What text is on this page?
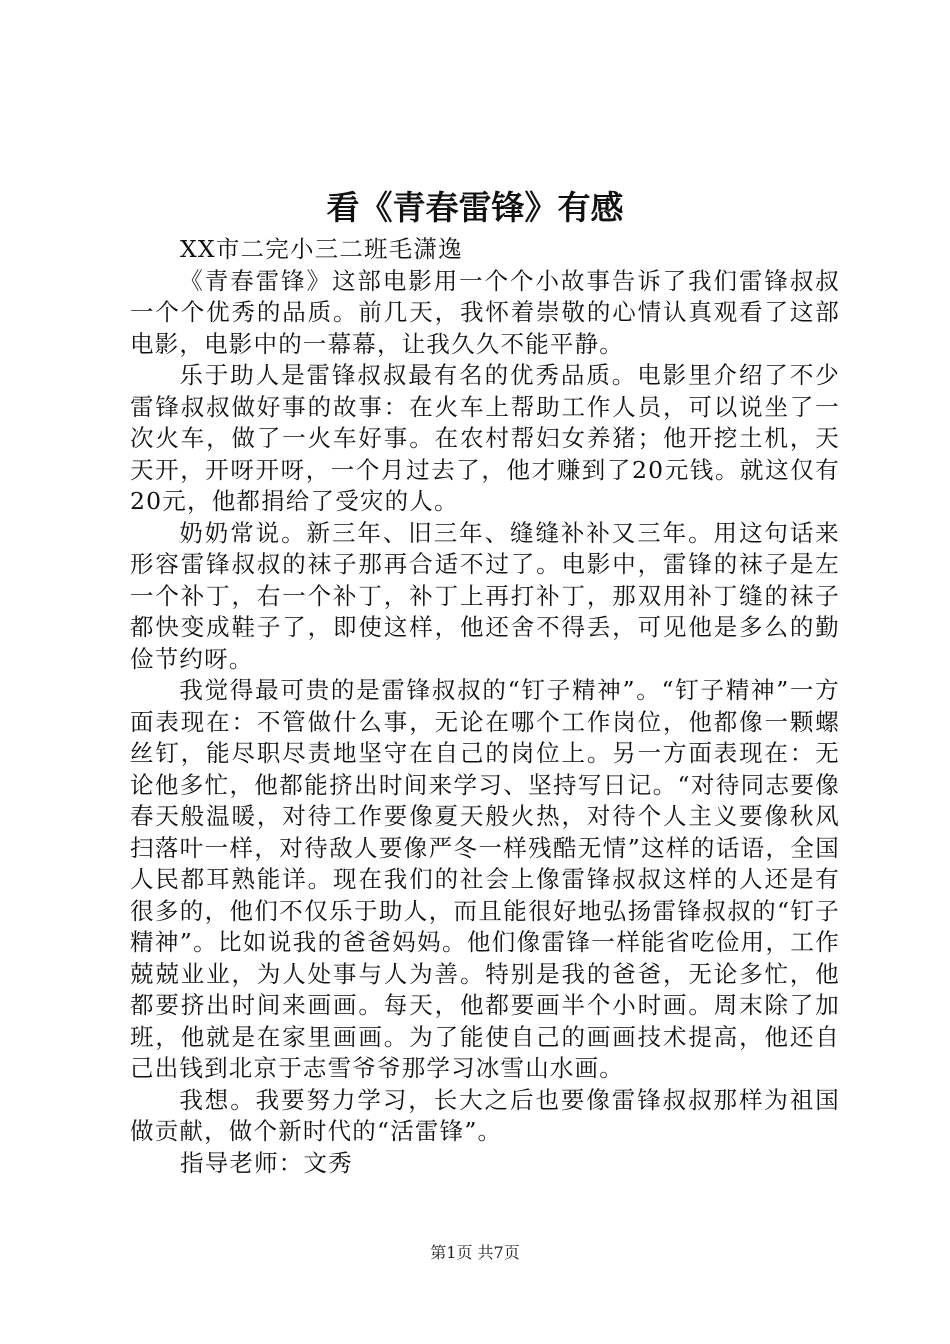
看《青春雷锋》有感

XX市二完小三二班毛潇逸

《青春雷锋》这部电影用一个个小故事告诉了我们雷锋叔叔一个个优秀的品质。前几天，我怀着崇敬的心情认真观看了这部电影，电影中的一幕幕，让我久久不能平静。

乐于助人是雷锋叔叔最有名的优秀品质。电影里介绍了不少雷锋叔叔做好事的故事：在火车上帮助工作人员，可以说坐了一次火车，做了一火车好事。在农村帮妇女养猪；他开挖土机，天天开，开呀开呀，一个月过去了，他才赚到了20元钱。就这仅有20元，他都捐给了受灾的人。

奶奶常说。新三年、旧三年、缝缝补补又三年。用这句话来形容雷锋叔叔的袜子那再合适不过了。电影中，雷锋的袜子是左一个补丁，右一个补丁，补丁上再打补丁，那双用补丁缝的袜子都快变成鞋子了，即使这样，他还舍不得丢，可见他是多么的勤俭节约呀。

我觉得最可贵的是雷锋叔叔的“钉子精神”。“钉子精神”一方面表现在：不管做什么事，无论在哪个工作岗位，他都像一颗螺丝钉，能尽职尽责地坚守在自己的岗位上。另一方面表现在：无论他多忙，他都能挤出时间来学习、坚持写日记。“对待同志要像春天般温暖，对待工作要像夏天般火热，对待个人主义要像秋风扫落叶一样，对待敌人要像严冬一样残酷无情”这样的话语，全国人民都耳熟能详。现在我们的社会上像雷锋叔叔这样的人还是有很多的，他们不仅乐于助人，而且能很好地弘扬雷锋叔叔的“钉子精神”。比如说我的爸爸妈妈。他们像雷锋一样能省吃俭用，工作兢兢业业，为人处事与人为善。特别是我的爸爸，无论多忙，他都要挤出时间来画画。每天，他都要画半个小时画。周末除了加班，他就是在家里画画。为了能使自己的画画技术提高，他还自己出钱到北京于志雪爷爷那学习冰雪山水画。

我想。我要努力学习，长大之后也要像雷锋叔叔那样为祖国做贡献，做个新时代的“活雷锋”。

指导老师：文秀

第1页 共7页
